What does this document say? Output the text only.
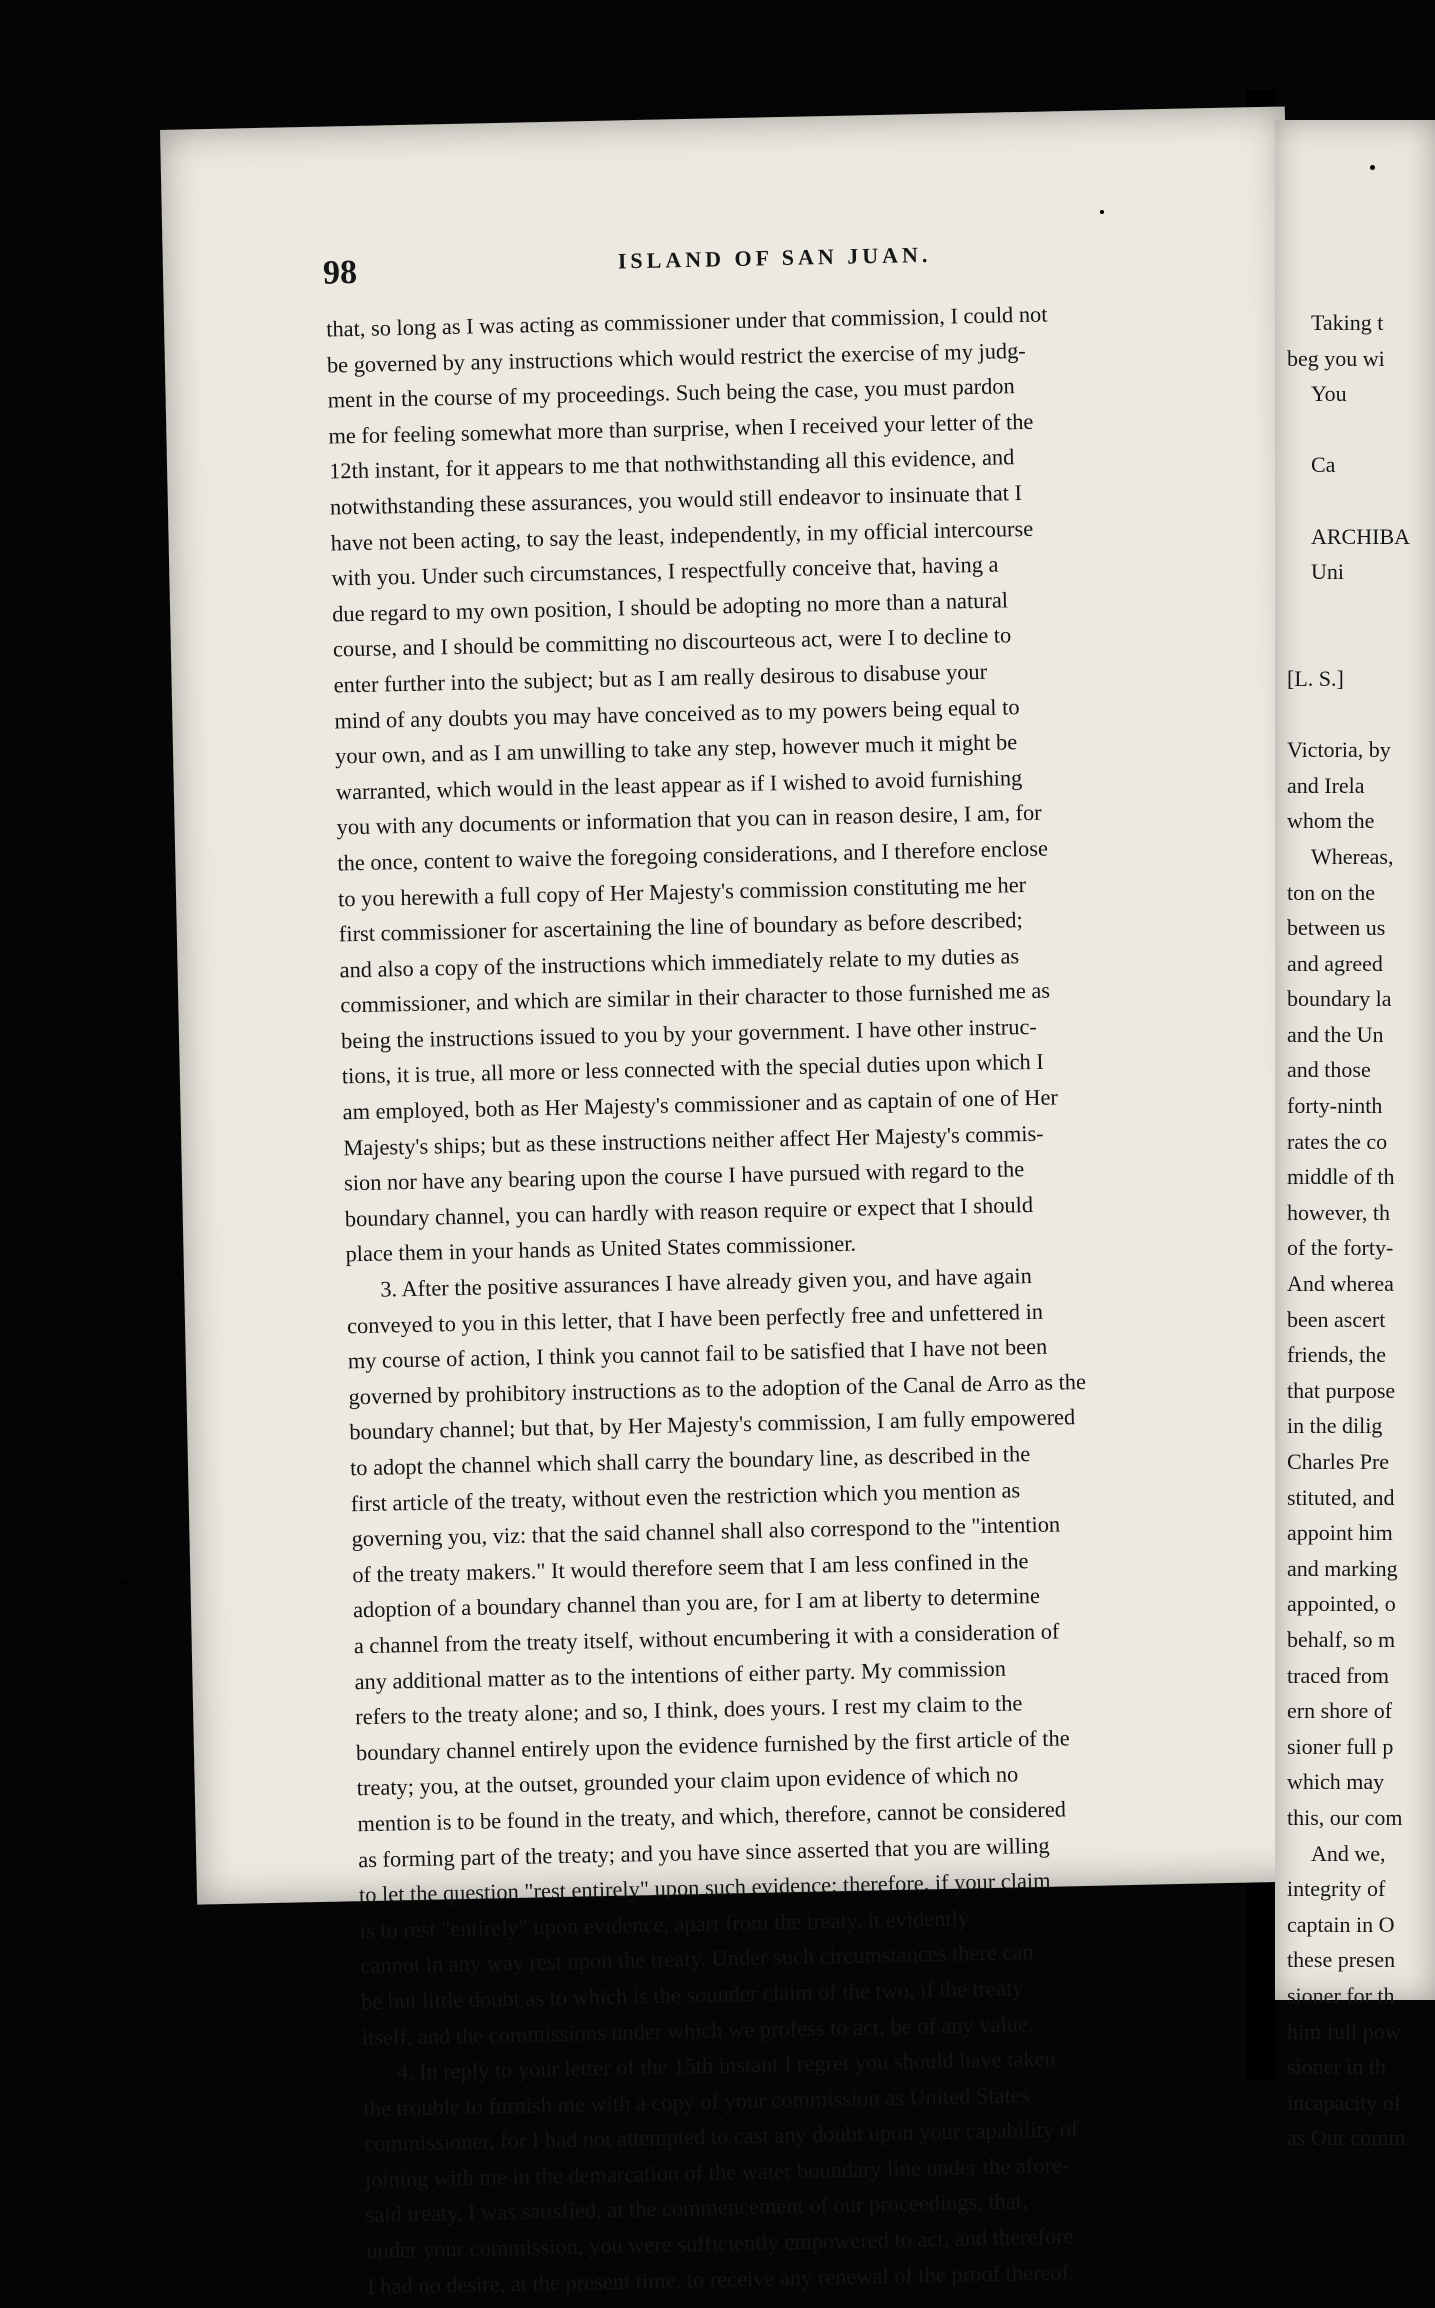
98	ISLAND OF SAN JUAN.

that, so long as I was acting as commissioner under that commission, I could not
be governed by any instructions which would restrict the exercise of my judg-
ment in the course of my proceedings. Such being the case, you must pardon
me for feeling somewhat more than surprise, when I received your letter of the
12th instant, for it appears to me that nothwithstanding all this evidence, and
notwithstanding these assurances, you would still endeavor to insinuate that I
have not been acting, to say the least, independently, in my official intercourse
with you. Under such circumstances, I respectfully conceive that, having a
due regard to my own position, I should be adopting no more than a natural
course, and I should be committing no discourteous act, were I to decline to
enter further into the subject; but as I am really desirous to disabuse your
mind of any doubts you may have conceived as to my powers being equal to
your own, and as I am unwilling to take any step, however much it might be
warranted, which would in the least appear as if I wished to avoid furnishing
you with any documents or information that you can in reason desire, I am, for
the once, content to waive the foregoing considerations, and I therefore enclose
to you herewith a full copy of Her Majesty's commission constituting me her
first commissioner for ascertaining the line of boundary as before described;
and also a copy of the instructions which immediately relate to my duties as
commissioner, and which are similar in their character to those furnished me as
being the instructions issued to you by your government. I have other instruc-
tions, it is true, all more or less connected with the special duties upon which I
am employed, both as Her Majesty's commissioner and as captain of one of Her
Majesty's ships; but as these instructions neither affect Her Majesty's commis-
sion nor have any bearing upon the course I have pursued with regard to the
boundary channel, you can hardly with reason require or expect that I should
place them in your hands as United States commissioner.
3. After the positive assurances I have already given you, and have again
conveyed to you in this letter, that I have been perfectly free and unfettered in
my course of action, I think you cannot fail to be satisfied that I have not been
governed by prohibitory instructions as to the adoption of the Canal de Arro as the
boundary channel; but that, by Her Majesty's commission, I am fully empowered
to adopt the channel which shall carry the boundary line, as described in the
first article of the treaty, without even the restriction which you mention as
governing you, viz: that the said channel shall also correspond to the "intention
of the treaty makers." It would therefore seem that I am less confined in the
adoption of a boundary channel than you are, for I am at liberty to determine
a channel from the treaty itself, without encumbering it with a consideration of
any additional matter as to the intentions of either party. My commission
refers to the treaty alone; and so, I think, does yours. I rest my claim to the
boundary channel entirely upon the evidence furnished by the first article of the
treaty; you, at the outset, grounded your claim upon evidence of which no
mention is to be found in the treaty, and which, therefore, cannot be considered
as forming part of the treaty; and you have since asserted that you are willing
to let the question "rest entirely" upon such evidence; therefore, if your claim
is to rest "entirely" upon evidence, apart from the treaty, it evidently
cannot in any way rest upon the treaty. Under such circumstances there can
be but little doubt as to which is the sounder claim of the two, if the treaty
itself, and the commissions under which we profess to act, be of any value.
4. In reply to your letter of the 15th instant I regret you should have taken
the trouble to furnish me with a copy of your commission as United States
commissioner, for I had not attempted to cast any doubt upon your capability of
joining with me in the demarcation of the water boundary line under the afore-
said treaty. I was satisfied, at the commencement of our proceedings, that,
under your commission, you were sufficiently empowered to act, and therefore
I had no desire, at the present time, to receive any renewal of the proof thereof.
Taking t
beg you wi
You

Ca

ARCHIBA
Uni

[L. S.]

Victoria, by
and Irela
whom the
Whereas,
ton on the
between us
and agreed
boundary la
and the Un
and those
forty-ninth
rates the co
middle of th
however, th
of the forty-
And wherea
been ascert
friends, the
that purpose
in the dilig
Charles Pre
stituted, and
appoint him
and marking
appointed, o
behalf, so m
traced from
ern shore of
sioner full p
which may
this, our com
And we,
integrity of
captain in O
these presen
sioner for th
him full pow
sioner in th
incapacity of
as Our comm
